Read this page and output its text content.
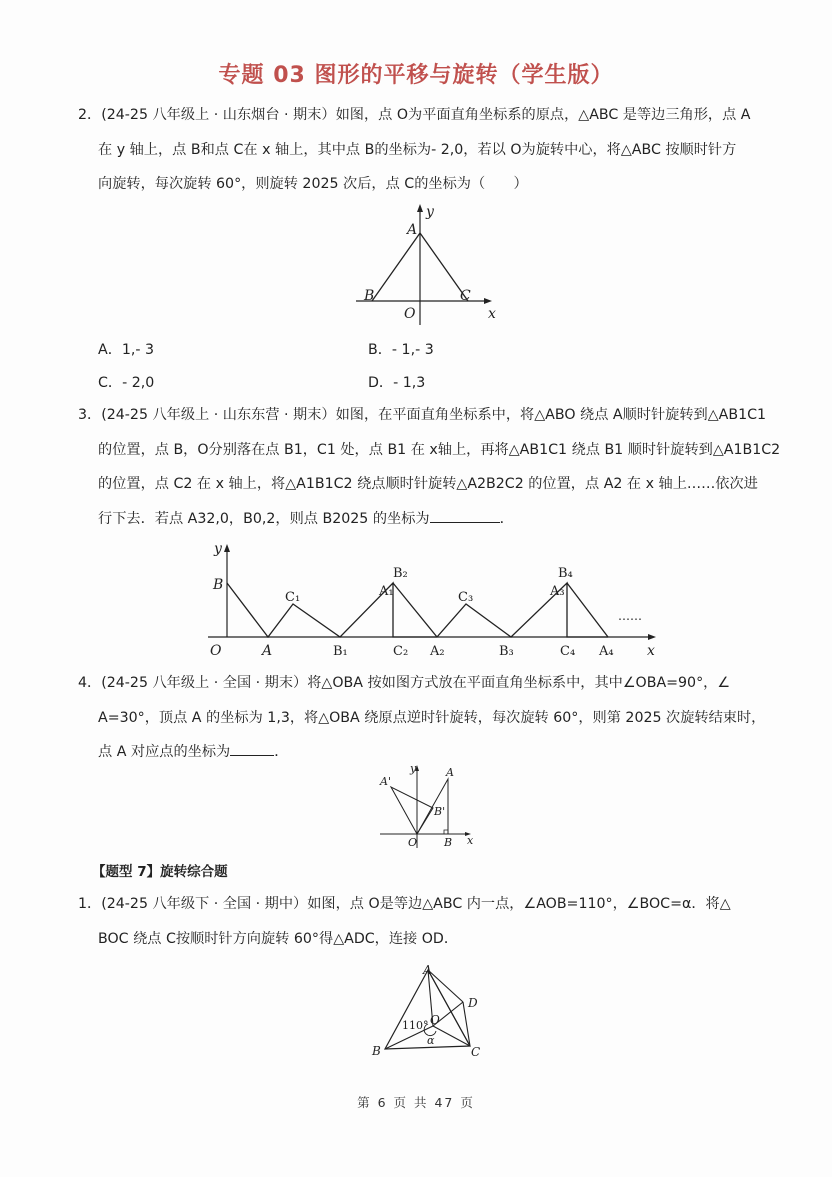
专题 03 图形的平移与旋转（学生版）
2．(24-25 八年级上 · 山东烟台 · 期末）如图，点 O为平面直角坐标系的原点，△ABC 是等边三角形，点 A
在 y 轴上，点 B和点 C在 x 轴上，其中点 B的坐标为- 2,0，若以 O为旋转中心，将△ABC 按顺时针方
向旋转，每次旋转 60°，则旋转 2025 次后，点 C的坐标为（　　）
y
A
B	C
O	x
A．1,- 3	B．- 1,- 3
C．- 2,0	D．- 1,3
3．(24-25 八年级上 · 山东东营 · 期末）如图，在平面直角坐标系中，将△ABO 绕点 A顺时针旋转到△AB1C1
的位置，点 B，O分别落在点 B1，C1 处，点 B1 在 x轴上，再将△AB1C1 绕点 B1 顺时针旋转到△A1B1C2
的位置，点 C2 在 x 轴上，将△A1B1C2 绕点顺时针旋转△A2B2C2 的位置，点 A2 在 x 轴上……依次进
行下去．若点 A32,0，B0,2，则点 B2025 的坐标为	．
y
B
O	A
C₁
B₁
A₁
B₂
C₂ A₂
C₃
B₃
A₃
B₄
C₄ A₄
……
x
4．(24-25 八年级上 · 全国 · 期末）将△OBA 按如图方式放在平面直角坐标系中，其中∠OBA=90°，∠
A=30°，顶点 A 的坐标为 1,3，将△OBA 绕原点逆时针旋转，每次旋转 60°，则第 2025 次旋转结束时，
点 A 对应点的坐标为	．
y	A
A'
B'
O B x
【题型 7】旋转综合题
1．(24-25 八年级下 · 全国 · 期中）如图，点 O是等边△ABC 内一点，∠AOB=110°，∠BOC=α．将△
BOC 绕点 C按顺时针方向旋转 60°得△ADC，连接 OD．
A
D
O
110°
α
B	C
第 6 页 共 47 页
